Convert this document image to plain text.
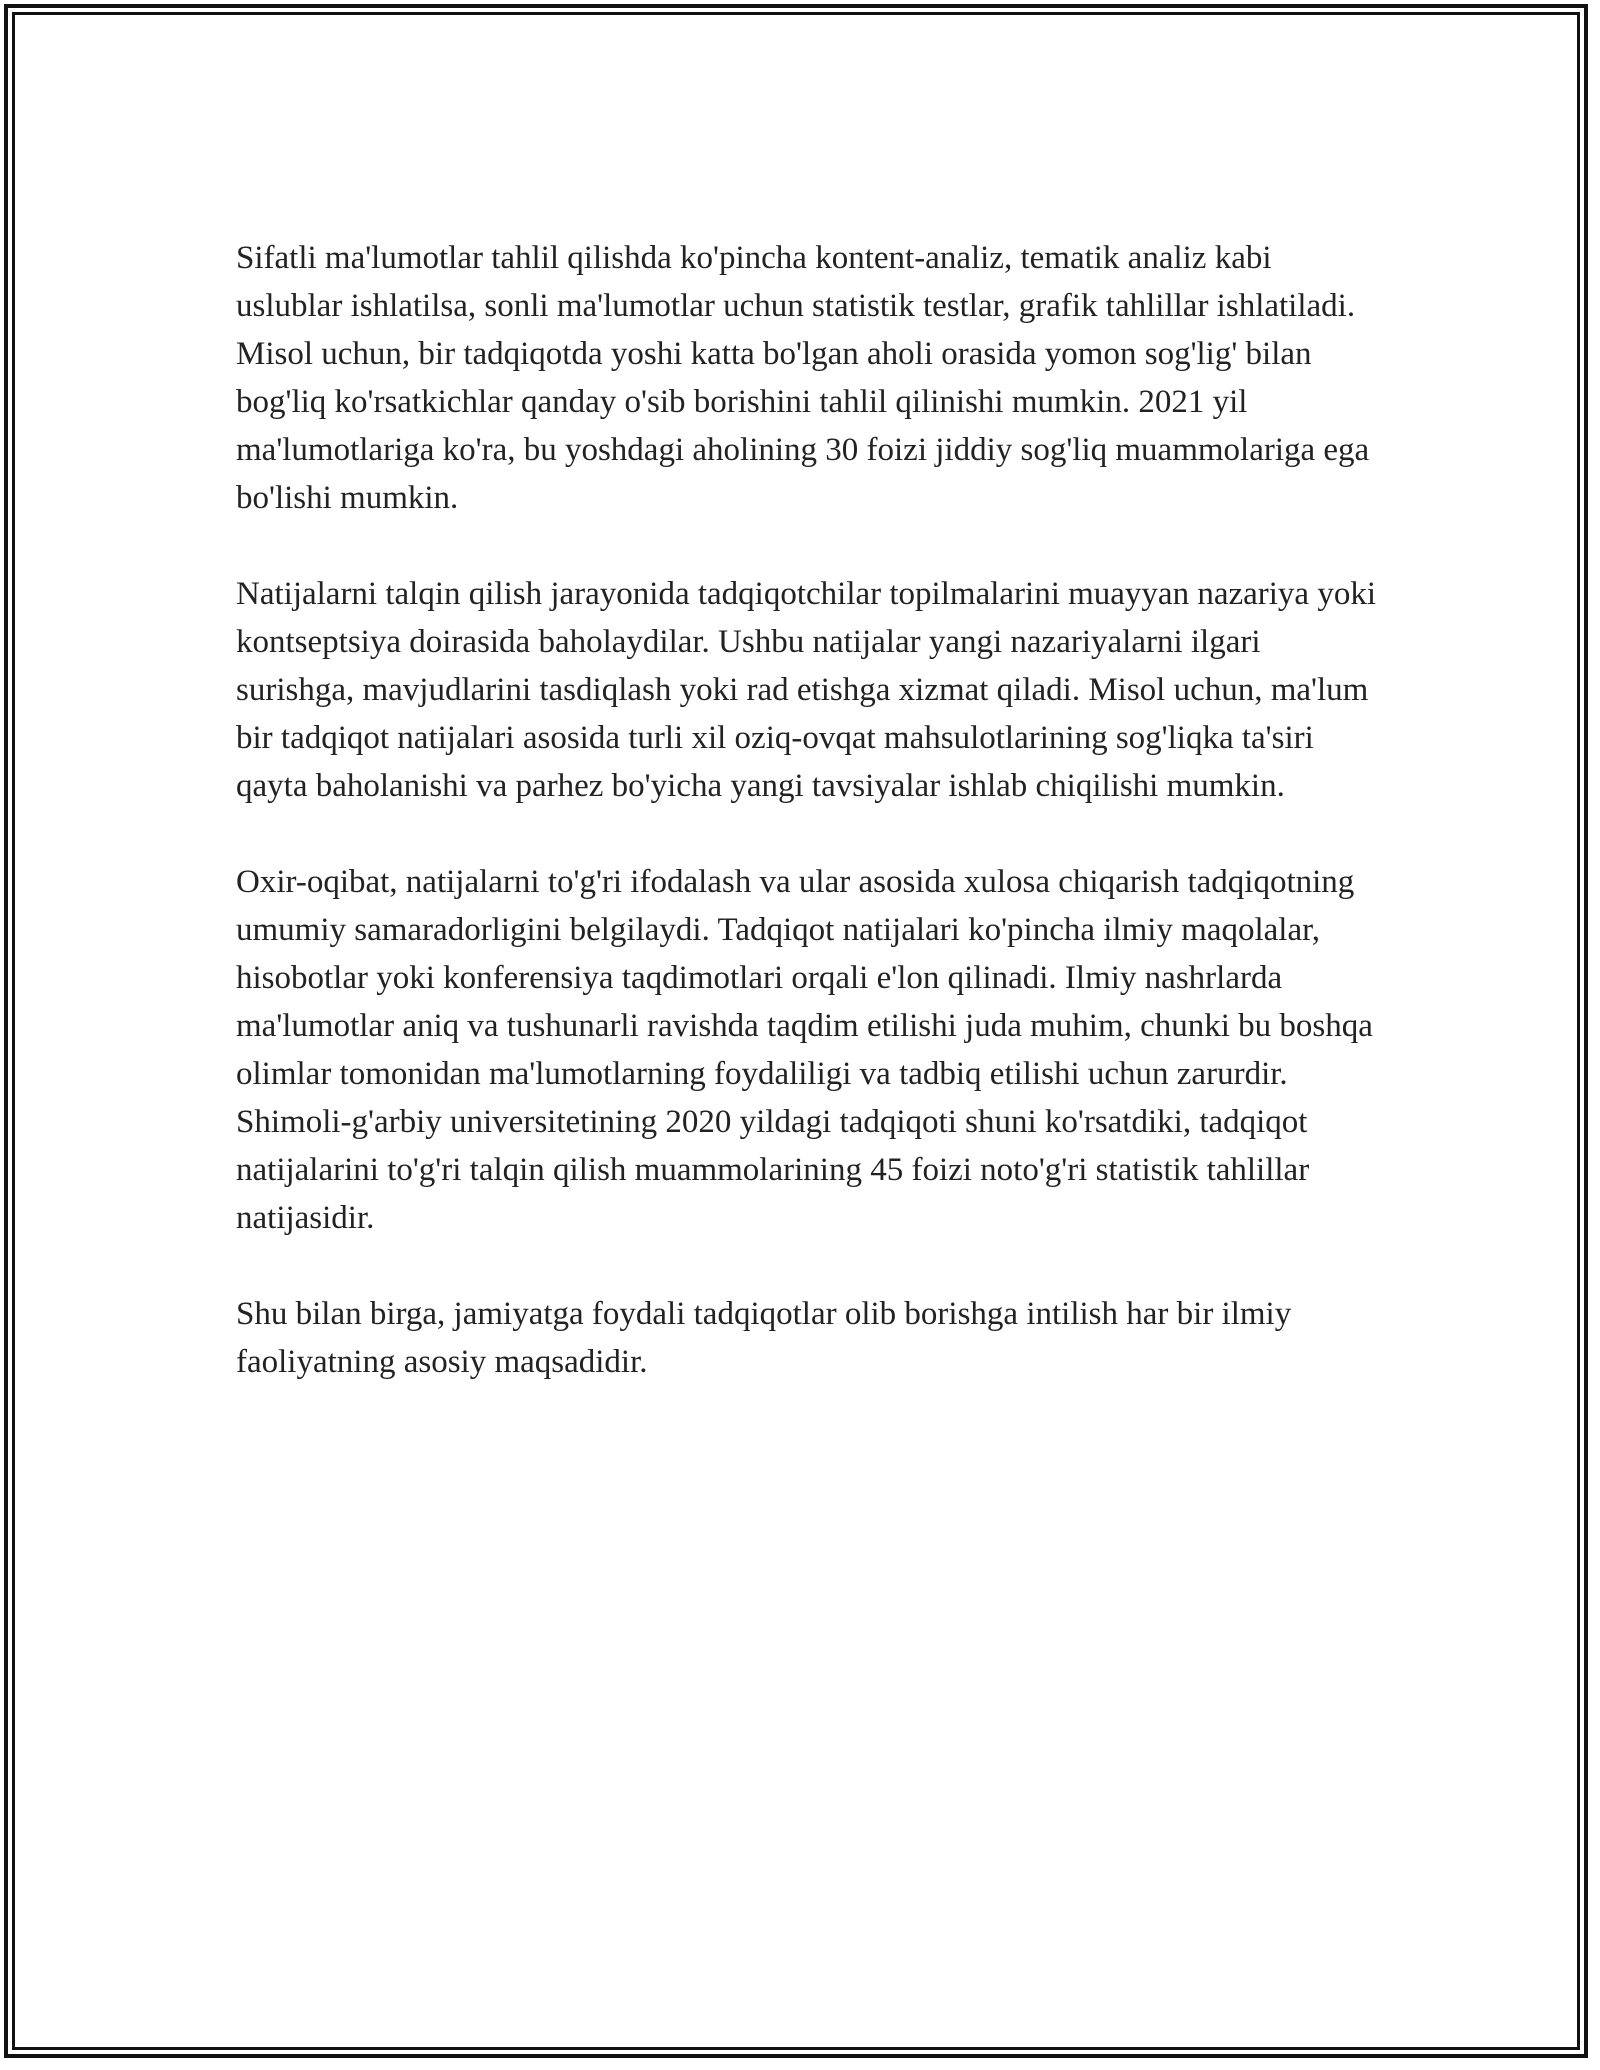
Sifatli ma'lumotlar tahlil qilishda ko'pincha kontent-analiz, tematik analiz kabi uslublar ishlatilsa, sonli ma'lumotlar uchun statistik testlar, grafik tahlillar ishlatiladi. Misol uchun, bir tadqiqotda yoshi katta bo'lgan aholi orasida yomon sog'lig' bilan bog'liq ko'rsatkichlar qanday o'sib borishini tahlil qilinishi mumkin. 2021 yil ma'lumotlariga ko'ra, bu yoshdagi aholining 30 foizi jiddiy sog'liq muammolariga ega bo'lishi mumkin.

Natijalarni talqin qilish jarayonida tadqiqotchilar topilmalarini muayyan nazariya yoki kontseptsiya doirasida baholaydilar. Ushbu natijalar yangi nazariyalarni ilgari surishga, mavjudlarini tasdiqlash yoki rad etishga xizmat qiladi. Misol uchun, ma'lum bir tadqiqot natijalari asosida turli xil oziq-ovqat mahsulotlarining sog'liqka ta'siri qayta baholanishi va parhez bo'yicha yangi tavsiyalar ishlab chiqilishi mumkin.

Oxir-oqibat, natijalarni to'g'ri ifodalash va ular asosida xulosa chiqarish tadqiqotning umumiy samaradorligini belgilaydi. Tadqiqot natijalari ko'pincha ilmiy maqolalar, hisobotlar yoki konferensiya taqdimotlari orqali e'lon qilinadi. Ilmiy nashrlarda ma'lumotlar aniq va tushunarli ravishda taqdim etilishi juda muhim, chunki bu boshqa olimlar tomonidan ma'lumotlarning foydaliligi va tadbiq etilishi uchun zarurdir. Shimoli-g'arbiy universitetining 2020 yildagi tadqiqoti shuni ko'rsatdiki, tadqiqot natijalarini to'g'ri talqin qilish muammolarining 45 foizi noto'g'ri statistik tahlillar natijasidir.

Shu bilan birga, jamiyatga foydali tadqiqotlar olib borishga intilish har bir ilmiy faoliyatning asosiy maqsadidir.
